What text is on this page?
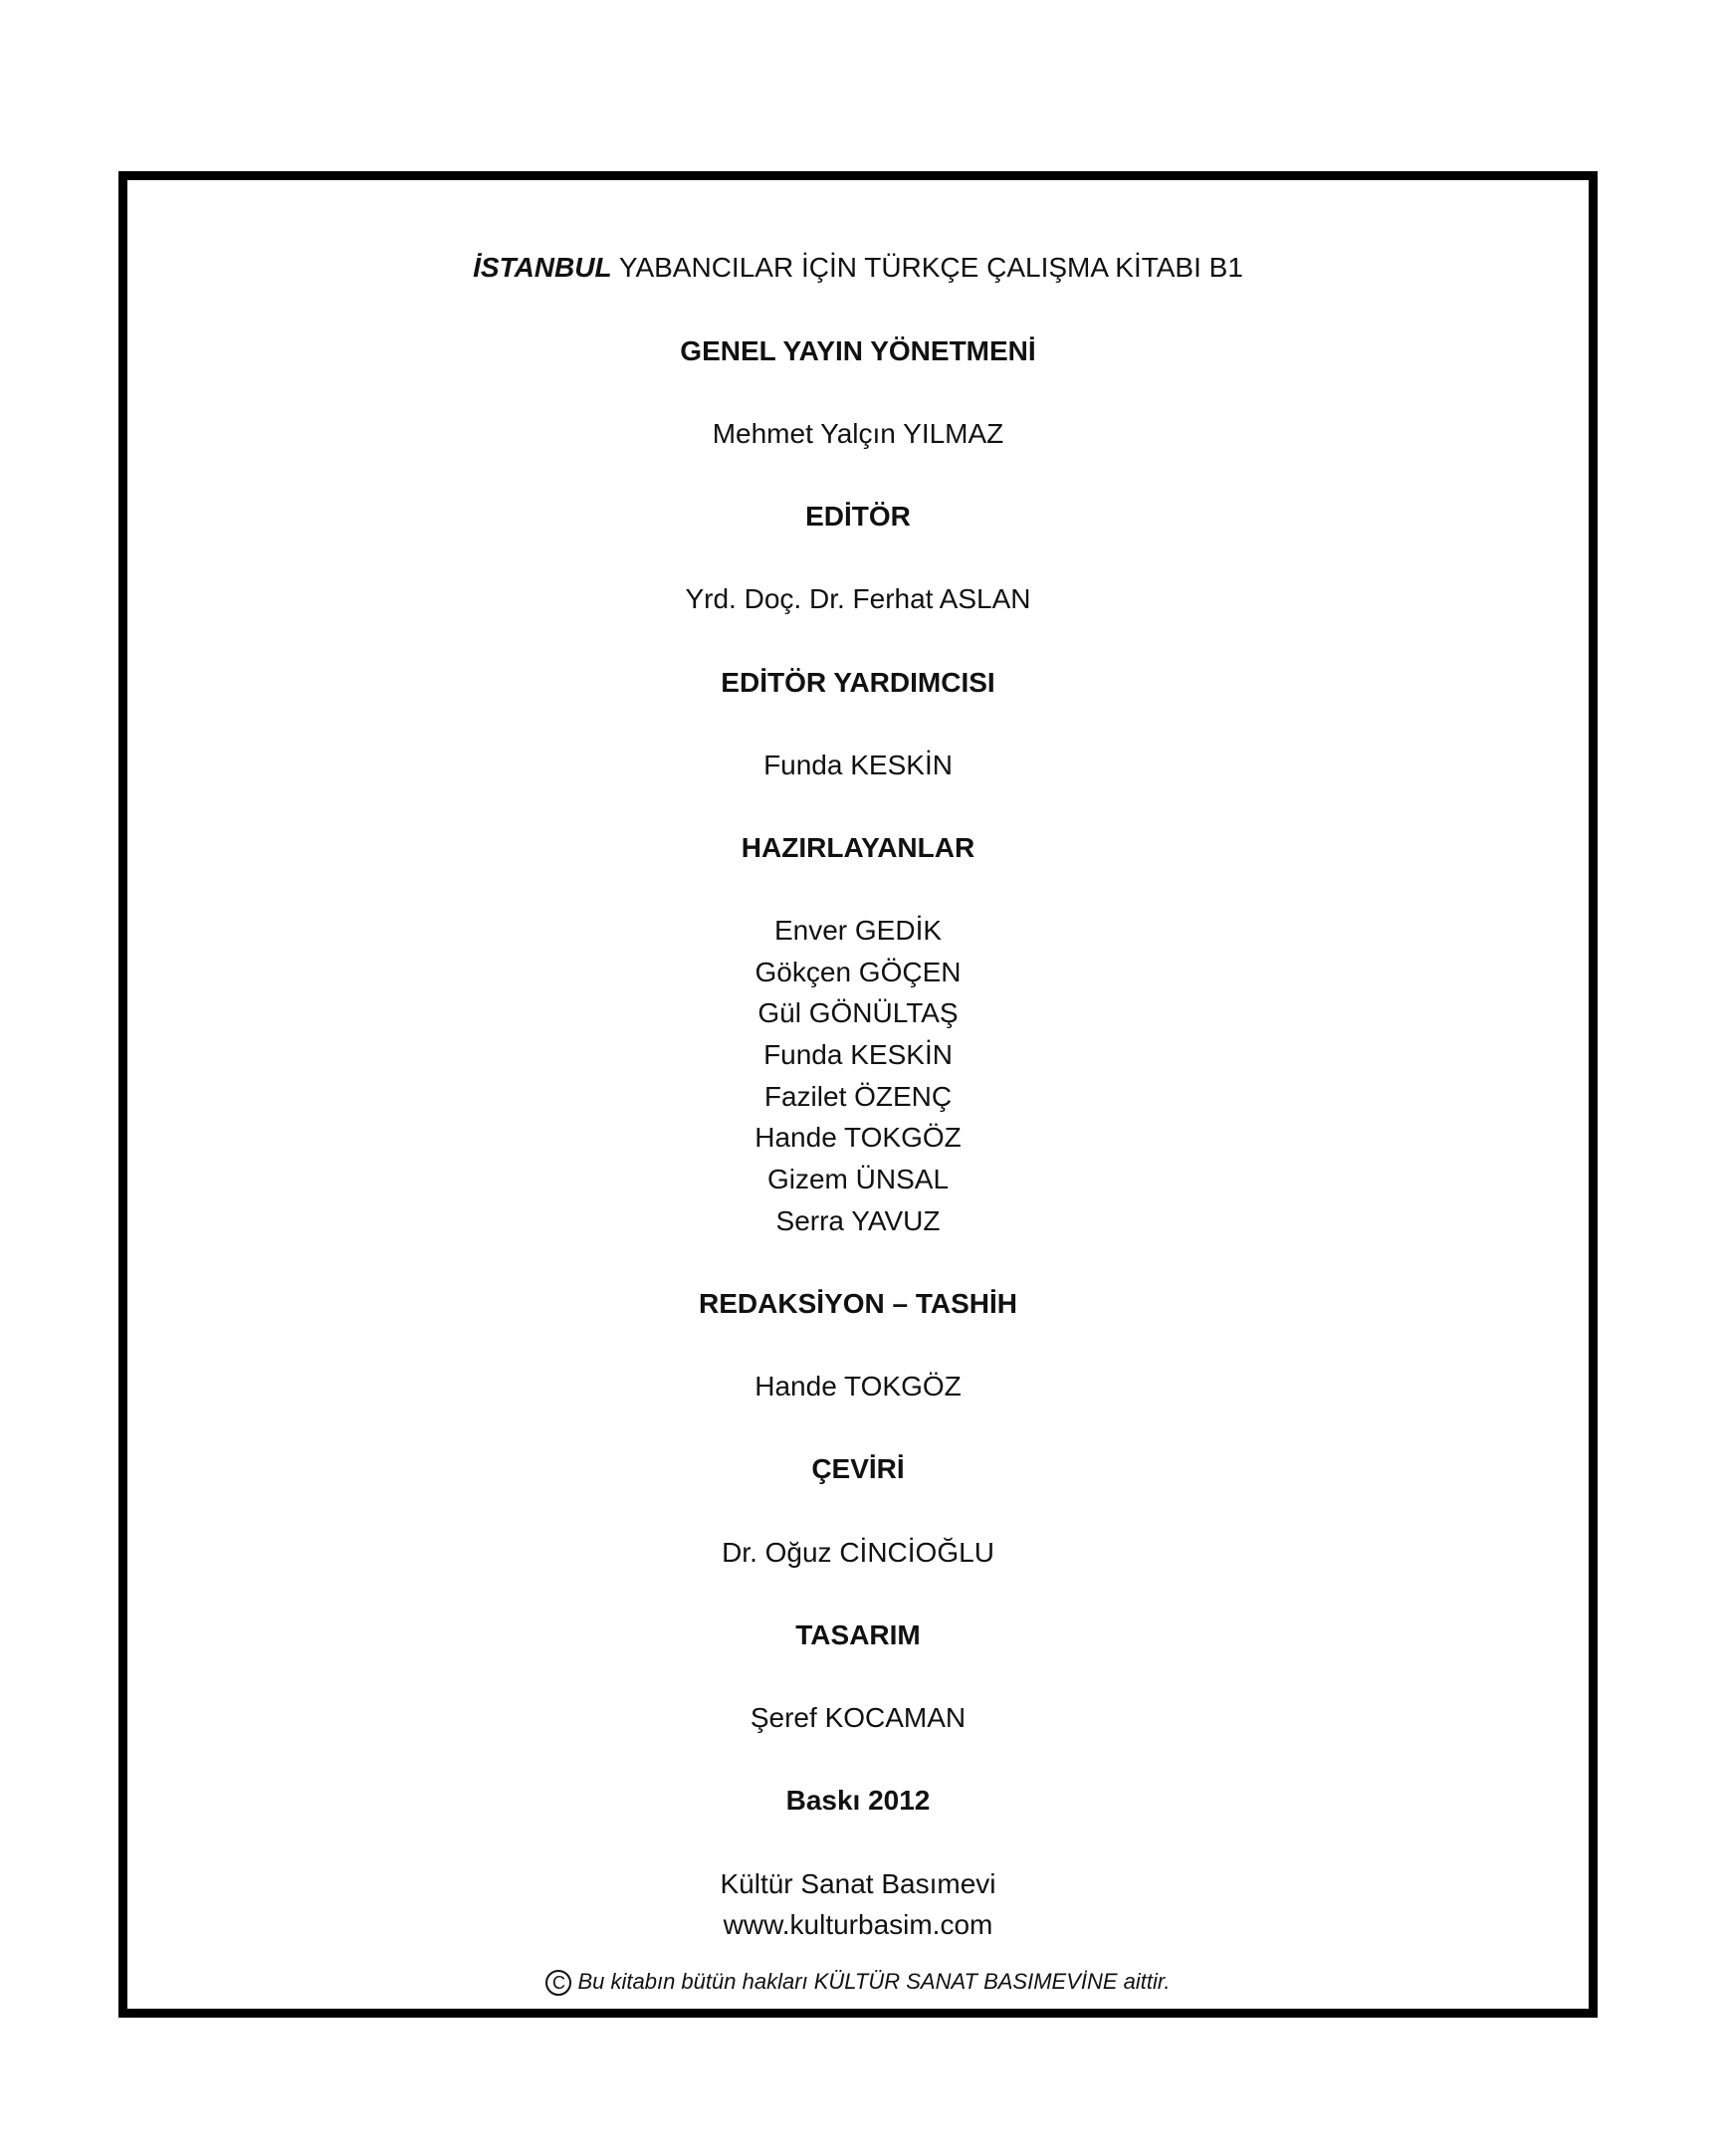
İSTANBUL YABANCILAR İÇİN TÜRKÇE ÇALIŞMA KİTABI B1
GENEL YAYIN YÖNETMENİ
Mehmet Yalçın YILMAZ
EDİTÖR
Yrd. Doç. Dr. Ferhat ASLAN
EDİTÖR YARDIMCISI
Funda KESKİN
HAZIRLAYANLAR
Enver GEDİK
Gökçen GÖÇEN
Gül GÖNÜLTAŞ
Funda KESKİN
Fazilet ÖZENÇ
Hande TOKGÖZ
Gizem ÜNSAL
Serra YAVUZ
REDAKSİYON – TASHİH
Hande TOKGÖZ
ÇEVİRİ
Dr. Oğuz CİNCİOĞLU
TASARIM
Şeref KOCAMAN
Baskı 2012
Kültür Sanat Basımevi
www.kulturbasim.com
C Bu kitabın bütün hakları KÜLTÜR SANAT BASIMEVİNE aittir.
